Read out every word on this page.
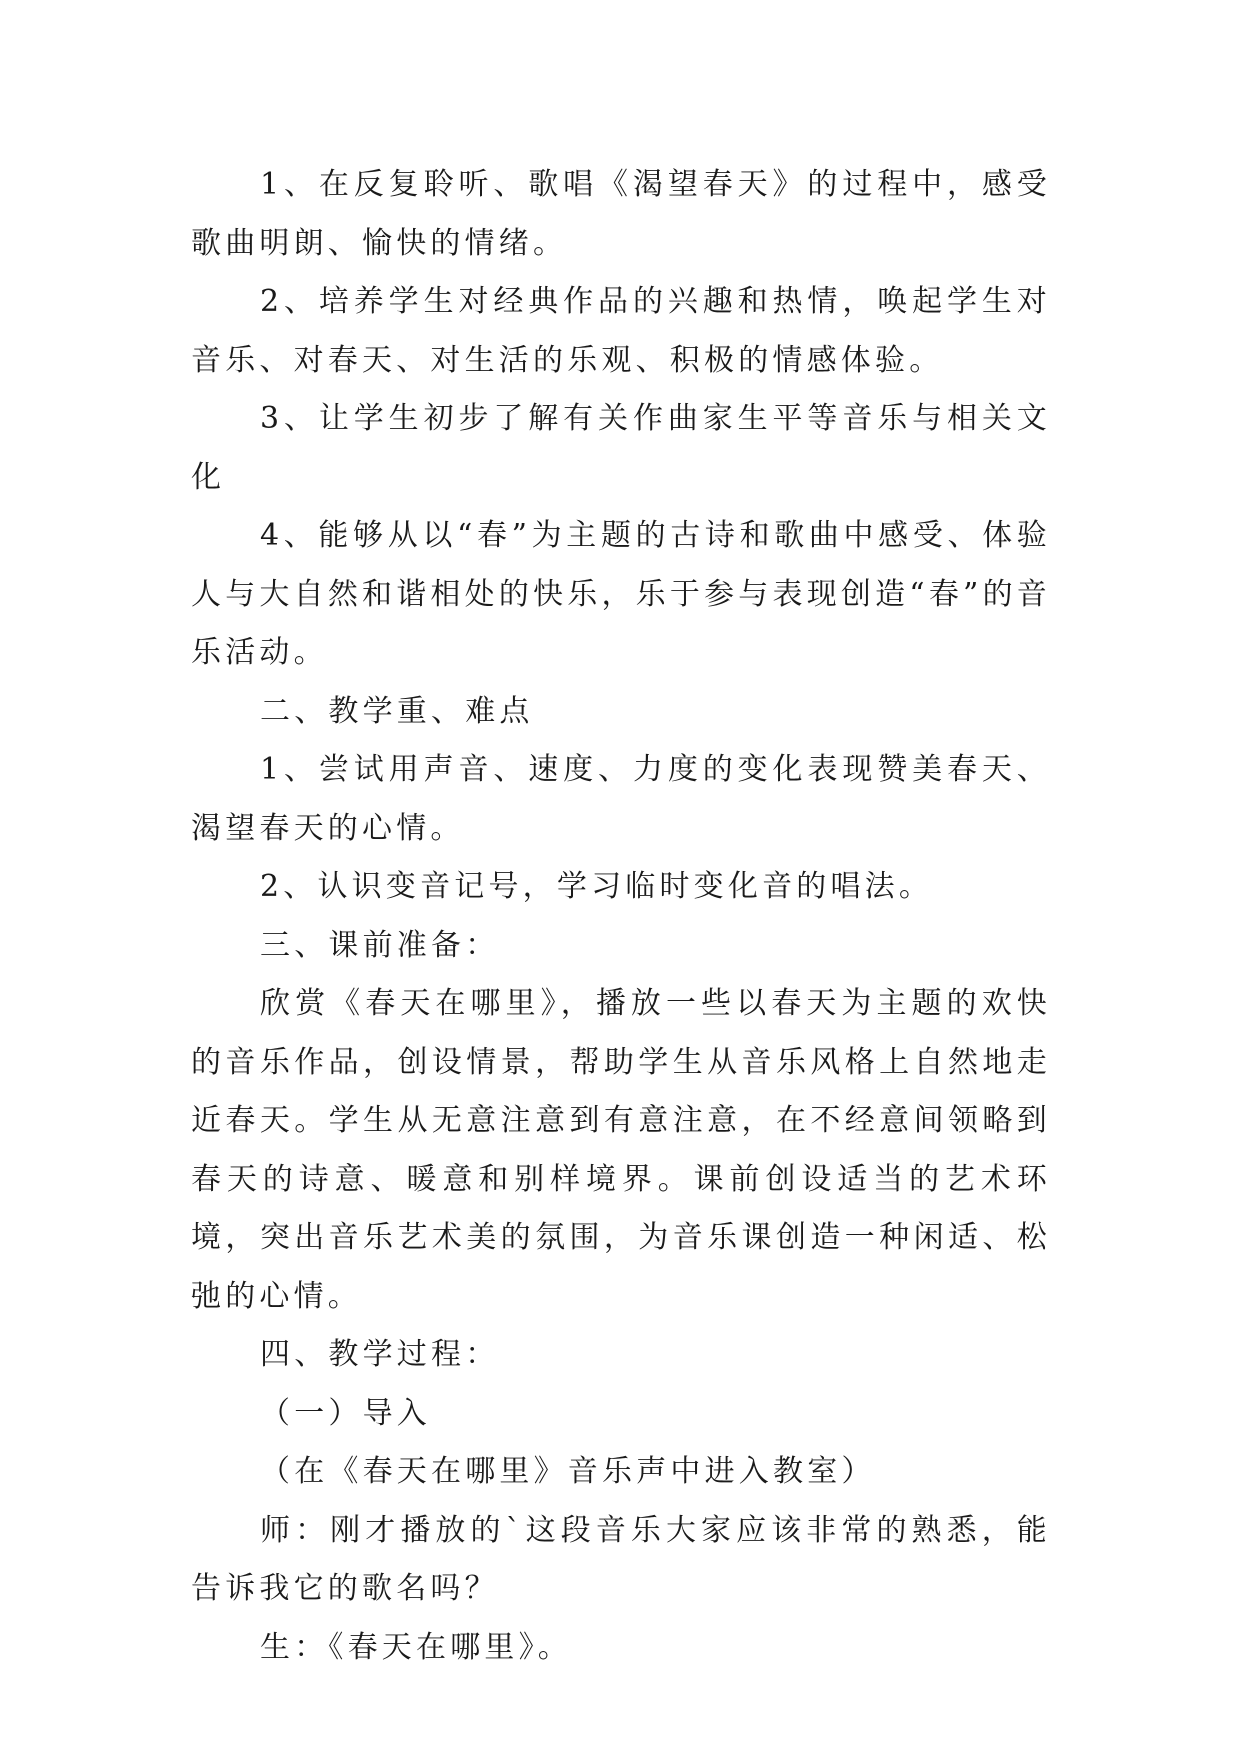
1、在反复聆听、歌唱《渴望春天》的过程中，感受歌曲明朗、愉快的情绪。

2、培养学生对经典作品的兴趣和热情，唤起学生对音乐、对春天、对生活的乐观、积极的情感体验。

3、让学生初步了解有关作曲家生平等音乐与相关文化

4、能够从以“春”为主题的古诗和歌曲中感受、体验人与大自然和谐相处的快乐，乐于参与表现创造“春”的音乐活动。

二、教学重、难点

1、尝试用声音、速度、力度的变化表现赞美春天、渴望春天的心情。

2、认识变音记号，学习临时变化音的唱法。

三、课前准备：

欣赏《春天在哪里》，播放一些以春天为主题的欢快的音乐作品，创设情景，帮助学生从音乐风格上自然地走近春天。学生从无意注意到有意注意，在不经意间领略到春天的诗意、暖意和别样境界。课前创设适当的艺术环境，突出音乐艺术美的氛围，为音乐课创造一种闲适、松弛的心情。

四、教学过程：

（一）导入

（在《春天在哪里》音乐声中进入教室）

师：刚才播放的`这段音乐大家应该非常的熟悉，能告诉我它的歌名吗？

生：《春天在哪里》。
